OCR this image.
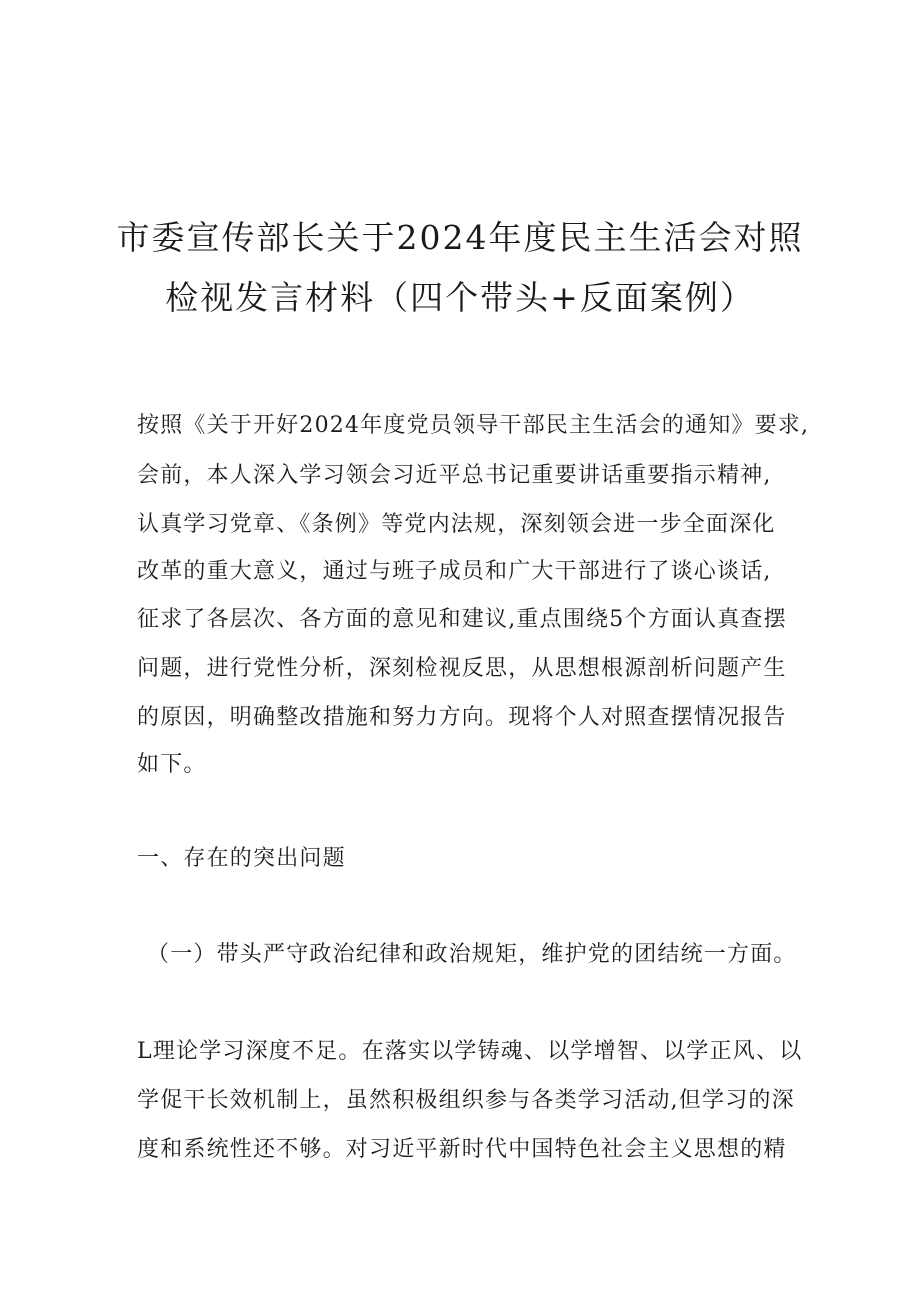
市委宣传部长关于2024年度民主生活会对照
检视发言材料（四个带头+反面案例）
按照《关于开好2024年度党员领导干部民主生活会的通知》要求,
会前，本人深入学习领会习近平总书记重要讲话重要指示精神,
认真学习党章、《条例》等党内法规，深刻领会进一步全面深化
改革的重大意义，通过与班子成员和广大干部进行了谈心谈话,
征求了各层次、各方面的意见和建议,重点围绕5个方面认真查摆
问题，进行党性分析，深刻检视反思，从思想根源剖析问题产生
的原因，明确整改措施和努力方向。现将个人对照查摆情况报告
如下。
一、存在的突出问题
（一）带头严守政治纪律和政治规矩，维护党的团结统一方面。
L理论学习深度不足。在落实以学铸魂、以学增智、以学正风、以
学促干长效机制上，虽然积极组织参与各类学习活动,但学习的深
度和系统性还不够。对习近平新时代中国特色社会主义思想的精
